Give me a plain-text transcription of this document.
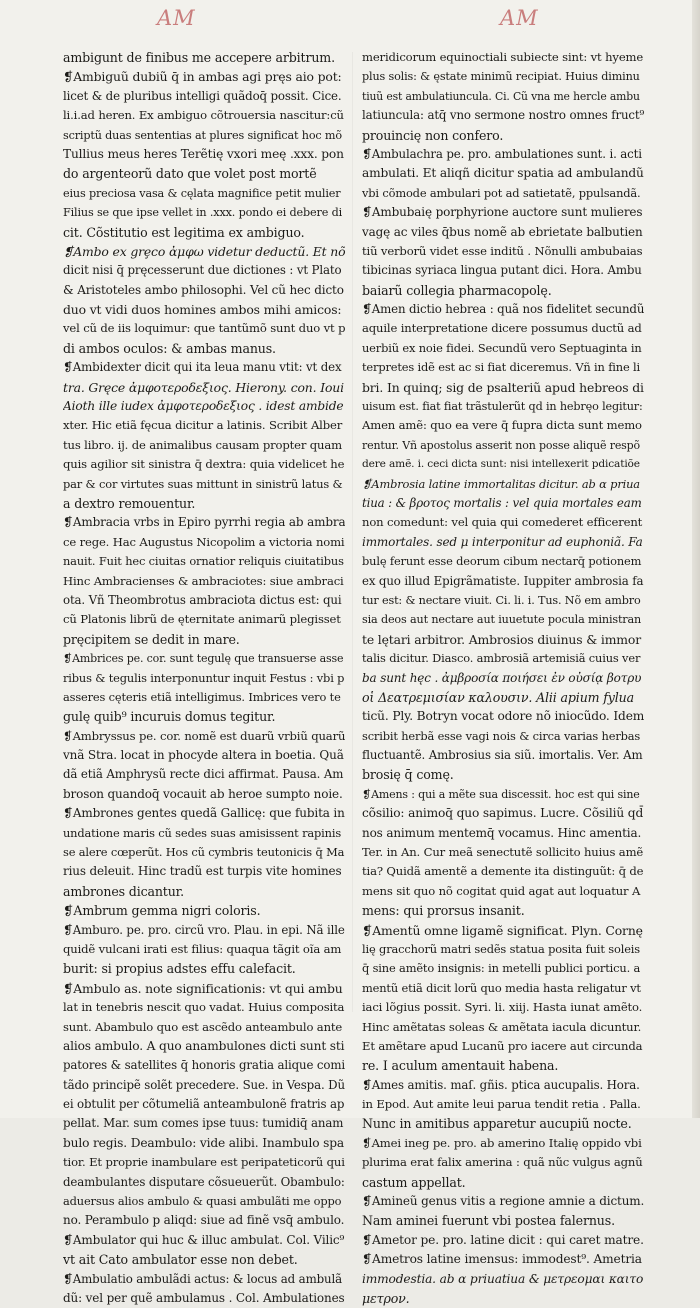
AM	AM
ambigunt de finibus me accepere arbitrum.
❡Ambiguũ dubiũ q̄ in ambas agi pręs aio pot:
licet & de pluribus intelligi quãdoq̄ possit. Cice.
li.i.ad heren. Ex ambiguo cõtrouersia nascitur:cũ
scriptũ duas sententias at plures significat hoc mõ
Tullius meus heres Terẽtię vxori meę .xxx. pon
do argenteorũ dato que volet post mortẽ
eius preciosa vasa & cęlata magnifice petit mulier
Filius se que ipse vellet in .xxx. pondo ei debere di
cit. Cõstitutio est legitima ex ambiguo.
❡Ambo ex grȩco ἀμφω videtur deductũ. Et nõ
dicit nisi q̄ pręcesserunt due dictiones : vt Plato
& Aristoteles ambo philosophi. Vel cũ hec dicto
duo vt vidi duos homines ambos mihi amicos:
vel cũ de iis loquimur: que tantũmõ sunt duo vt p
di ambos oculos: & ambas manus.
❡Ambidexter dicit qui ita leua manu vtit: vt dex
tra. Gręce ἀμφοτεροδεξιος. Hierony. con. Ioui
Aioth ille iudex ἀμφοτεροδεξιος . idest ambide
xter. Hic etiã fęcua dicitur a latinis. Scribit Alber
tus libro. ij. de animalibus causam propter quam
quis agilior sit sinistra q̄ dextra: quia videlicet he
par & cor virtutes suas mittunt in sinistrũ latus &
a dextro remouentur.
❡Ambracia vrbs in Epiro pyrrhi regia ab ambra
ce rege. Hac Augustus Nicopolim a victoria nomi
nauit. Fuit hec ciuitas ornatior reliquis ciuitatibus
Hinc Ambracienses & ambraciotes: siue ambraci
ota. Vñ Theombrotus ambraciota dictus est: qui
cũ Platonis librũ de ęternitate animarũ plegisset
pręcipitem se dedit in mare.
❡Ambrices pe. cor. sunt tegulę que transuerse asse
ribus & tegulis interponuntur inquit Festus : vbi p
asseres cęteris etiã intelligimus. Imbrices vero te
gulę quib⁹ incuruis domus tegitur.
❡Ambryssus pe. cor. nomẽ est duarũ vrbiũ quarũ
vnã Stra. locat in phocyde altera in boetia. Quã
dã etiã Amphrysũ recte dici affirmat. Pausa. Am
broson quandoq̄ vocauit ab heroe sumpto noie.
❡Ambrones gentes quedã Gallicę: que fubita in
undatione maris cũ sedes suas amisissent rapinis
se alere cœperũt. Hos cũ cymbris teutonicis q̄ Ma
rius deleuit. Hinc tradũ est turpis vite homines
ambrones dicantur.
❡Ambrum gemma nigri coloris.
❡Amburo. pe. pro. circũ vro. Plau. in epi. Nã ille
quidẽ vulcani irati est filius: quaqua tãgit oĩa am
burit: si propius adstes effu calefacit.
❡Ambulo as. note significationis: vt qui ambu
lat in tenebris nescit quo vadat. Huius composita
sunt. Abambulo quo est ascẽdo anteambulo ante
alios ambulo. A quo anambulones dicti sunt sti
patores & satellites q̄ honoris gratia alique comi
tãdo principẽ solẽt precedere. Sue. in Vespa. Dũ
ei obtulit per cõtumeliã anteambulonẽ fratris ap
pellat. Mar. sum comes ipse tuus: tumidiq̄ anam
bulo regis. Deambulo: vide alibi. Inambulo spa
tior. Et proprie inambulare est peripateticorũ qui
deambulantes disputare cõsueuerũt. Obambulo:
aduersus alios ambulo & quasi ambulãti me oppo
no. Perambulo p aliqd: siue ad finẽ vsq̄ ambulo.
❡Ambulator qui huc & illuc ambulat. Col. Vilic⁹
vt ait Cato ambulator esse non debet.
❡Ambulatio ambulãdi actus: & locus ad ambulã
dũ: vel per quẽ ambulamus . Col. Ambulationes
meridicorum equinoctiali subiecte sint: vt hyeme
plus solis: & ęstate minimũ recipiat. Huius diminu
tiuũ est ambulatiuncula. Ci. Cũ vna me hercle ambu
latiuncula: atq̄ vno sermone nostro omnes fruct⁹
prouincię non confero.
❡Ambulachra pe. pro. ambulationes sunt. i. acti
ambulati. Et aliqñ dicitur spatia ad ambulandũ
vbi cõmode ambulari pot ad satietatẽ, ppulsandã.
❡Ambubaię porphyrione auctore sunt mulieres
vagę ac viles q̄bus nomẽ ab ebrietate balbutien
tiũ verborũ videt esse inditũ . Nõnulli ambubaias
tibicinas syriaca lingua putant dici. Hora. Ambu
baiarũ collegia pharmacopolę.
❡Amen dictio hebrea : quã nos fidelitet secundũ
aquile interpretatione dicere possumus ductũ ad
uerbiũ ex noie fidei. Secundũ vero Septuaginta in
terpretes idẽ est ac si fiat diceremus. Vñ in fine li
bri. In quinq; sig de psalteriũ apud hebreos di
uisum est. fiat fiat trãstulerũt qd in hebręo legitur:
Amen amẽ: quo ea vere q̄ fupra dicta sunt memo
rentur. Vñ apostolus asserit non posse aliquẽ respõ
dere amẽ. i. ceci dicta sunt: nisi intellexerit pdicatiõe
❡Ambrosia latine immortalitas dicitur. ab α priua
tiua : & βροτος mortalis : vel quia mortales eam
non comedunt: vel quia qui comederet efficerent
immortales. sed μ interponitur ad euphoniã. Fa
bulę ferunt esse deorum cibum nectarq̄ potionem
ex quo illud Epigrãmatiste. Iuppiter ambrosia fa
tur est: & nectare viuit. Ci. li. i. Tus. Nõ em ambro
sia deos aut nectare aut iuuetute pocula ministran
te lętari arbitror. Ambrosios diuinus & immor
talis dicitur. Diasco. ambrosiã artemisiã cuius ver
ba sunt hęc . ἀμβροσία ποιήσει ἐν οὐσίᾳ βοτρυ
οἱ Δεατρεμισίαν καλουσιν. Alii apium fylua
ticũ. Ply. Botryn vocat odore nõ iniocũdo. Idem
scribit herbã esse vagi nois & circa varias herbas
fluctuantẽ. Ambrosius sia siũ. imortalis. Ver. Am
brosię q̄ comę.
❡Amens : qui a mẽte sua discessit. hoc est qui sine
cõsilio: animoq̄ quo sapimus. Lucre. Cõsiliũ qd̄
nos animum mentemq̄ vocamus. Hinc amentia.
Ter. in An. Cur meã senectutẽ sollicito huius amẽ
tia? Quidã amentẽ a demente ita distinguũt: q̄ de
mens sit quo nõ cogitat quid agat aut loquatur A
mens: qui prorsus insanit.
❡Amentũ omne ligamẽ significat. Plyn. Cornę
lię gracchorũ matri sedẽs statua posita fuit soleis
q̄ sine amẽto insignis: in metelli publici porticu. a
mentũ etiã dicit lorũ quo media hasta religatur vt
iaci lõgius possit. Syri. li. xiij. Hasta iunat amẽto.
Hinc amẽtatas soleas & amẽtata iacula dicuntur.
Et amẽtare apud Lucanũ pro iacere aut circunda
re. I aculum amentauit habena.
❡Ames amitis. maſ. gñis. ptica aucupalis. Hora.
in Epod. Aut amite leui parua tendit retia . Palla.
Nunc in amitibus apparetur aucupiũ nocte.
❡Amei ineg pe. pro. ab amerino Italię oppido vbi
plurima erat falix amerina : quã nũc vulgus agnũ
castum appellat.
❡Amineũ genus vitis a regione amnie a dictum.
Nam aminei fuerunt vbi postea falernus.
❡Ametor pe. pro. latine dicit : qui caret matre.
❡Ametros latine imensus: immodest⁹. Ametria
immodestia. ab α priuatiua & μετρεομαι καιτο
μετρον.
